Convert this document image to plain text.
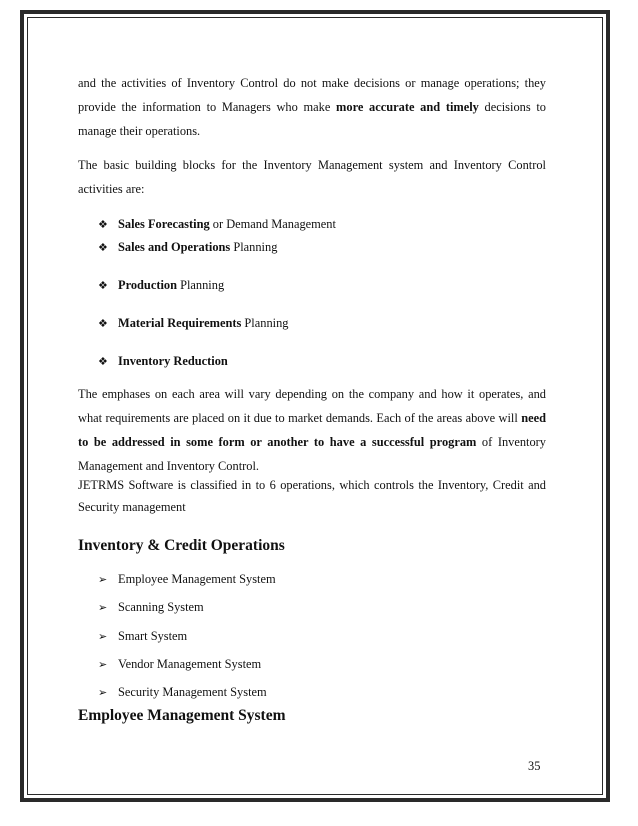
and the activities of Inventory Control do not make decisions or manage operations; they provide the information to Managers who make more accurate and timely decisions to manage their operations.

The basic building blocks for the Inventory Management system and Inventory Control activities are:

❖ Sales Forecasting or Demand Management
❖ Sales and Operations Planning
❖ Production Planning
❖ Material Requirements Planning
❖ Inventory Reduction

The emphases on each area will vary depending on the company and how it operates, and what requirements are placed on it due to market demands. Each of the areas above will need to be addressed in some form or another to have a successful program of Inventory Management and Inventory Control.

JETRMS Software is classified in to 6 operations, which controls the Inventory, Credit and Security management

Inventory & Credit Operations
➢ Employee Management System
➢ Scanning System
➢ Smart System
➢ Vendor Management System
➢ Security Management System
Employee Management System
35
